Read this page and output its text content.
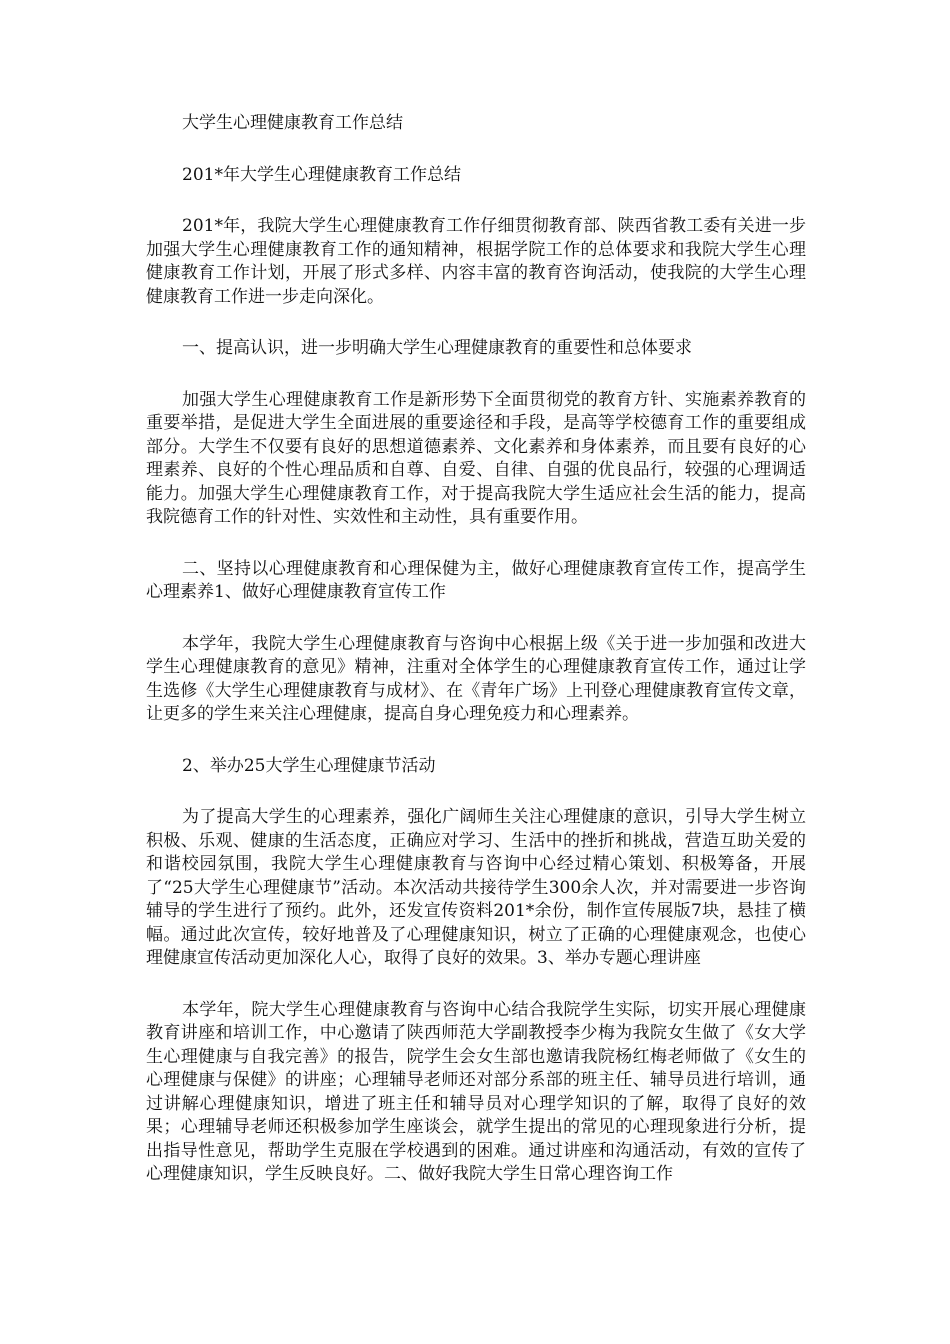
大学生心理健康教育工作总结

201*年大学生心理健康教育工作总结

201*年，我院大学生心理健康教育工作仔细贯彻教育部、陕西省教工委有关进一步加强大学生心理健康教育工作的通知精神，根据学院工作的总体要求和我院大学生心理健康教育工作计划，开展了形式多样、内容丰富的教育咨询活动，使我院的大学生心理健康教育工作进一步走向深化。

一、提高认识，进一步明确大学生心理健康教育的重要性和总体要求

加强大学生心理健康教育工作是新形势下全面贯彻党的教育方针、实施素养教育的重要举措，是促进大学生全面进展的重要途径和手段，是高等学校德育工作的重要组成部分。大学生不仅要有良好的思想道德素养、文化素养和身体素养，而且要有良好的心理素养、良好的个性心理品质和自尊、自爱、自律、自强的优良品行，较强的心理调适能力。加强大学生心理健康教育工作，对于提高我院大学生适应社会生活的能力，提高我院德育工作的针对性、实效性和主动性，具有重要作用。

二、坚持以心理健康教育和心理保健为主，做好心理健康教育宣传工作，提高学生心理素养1、做好心理健康教育宣传工作

本学年，我院大学生心理健康教育与咨询中心根据上级《关于进一步加强和改进大学生心理健康教育的意见》精神，注重对全体学生的心理健康教育宣传工作，通过让学生选修《大学生心理健康教育与成材》、在《青年广场》上刊登心理健康教育宣传文章，让更多的学生来关注心理健康，提高自身心理免疫力和心理素养。

2、举办25大学生心理健康节活动

为了提高大学生的心理素养，强化广阔师生关注心理健康的意识，引导大学生树立积极、乐观、健康的生活态度，正确应对学习、生活中的挫折和挑战，营造互助关爱的和谐校园氛围，我院大学生心理健康教育与咨询中心经过精心策划、积极筹备，开展了“25大学生心理健康节”活动。本次活动共接待学生300余人次，并对需要进一步咨询辅导的学生进行了预约。此外，还发宣传资料201*余份，制作宣传展版7块，悬挂了横幅。通过此次宣传，较好地普及了心理健康知识，树立了正确的心理健康观念，也使心理健康宣传活动更加深化人心，取得了良好的效果。3、举办专题心理讲座

本学年，院大学生心理健康教育与咨询中心结合我院学生实际，切实开展心理健康教育讲座和培训工作，中心邀请了陕西师范大学副教授李少梅为我院女生做了《女大学生心理健康与自我完善》的报告，院学生会女生部也邀请我院杨红梅老师做了《女生的心理健康与保健》的讲座；心理辅导老师还对部分系部的班主任、辅导员进行培训，通过讲解心理健康知识，增进了班主任和辅导员对心理学知识的了解，取得了良好的效果；心理辅导老师还积极参加学生座谈会，就学生提出的常见的心理现象进行分析，提出指导性意见，帮助学生克服在学校遇到的困难。通过讲座和沟通活动，有效的宣传了心理健康知识，学生反映良好。二、做好我院大学生日常心理咨询工作
